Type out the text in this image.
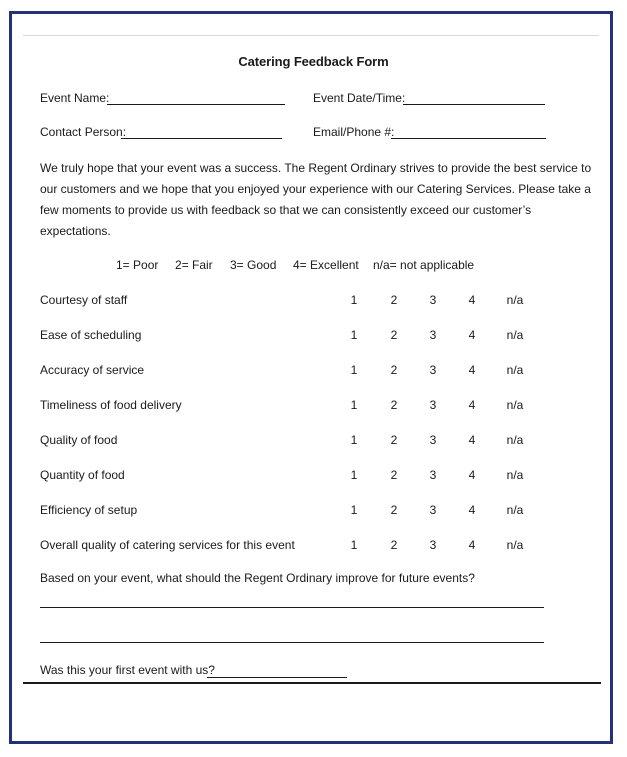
Catering Feedback Form
Event Name:	Event Date/Time:
Contact Person:	Email/Phone #:
We truly hope that your event was a success. The Regent Ordinary strives to provide the best service to
our customers and we hope that you enjoyed your experience with our Catering Services. Please take a
few moments to provide us with feedback so that we can consistently exceed our customer’s
expectations.
1= Poor 2= Fair 3= Good 4= Excellent n/a= not applicable
Courtesy of staff	1	2	3	4	n/a
Ease of scheduling	1	2	3	4	n/a
Accuracy of service	1	2	3	4	n/a
Timeliness of food delivery	1	2	3	4	n/a
Quality of food	1	2	3	4	n/a
Quantity of food	1	2	3	4	n/a
Efficiency of setup	1	2	3	4	n/a
Overall quality of catering services for this event	1	2	3	4	n/a
Based on your event, what should the Regent Ordinary improve for future events?
Was this your first event with us?
